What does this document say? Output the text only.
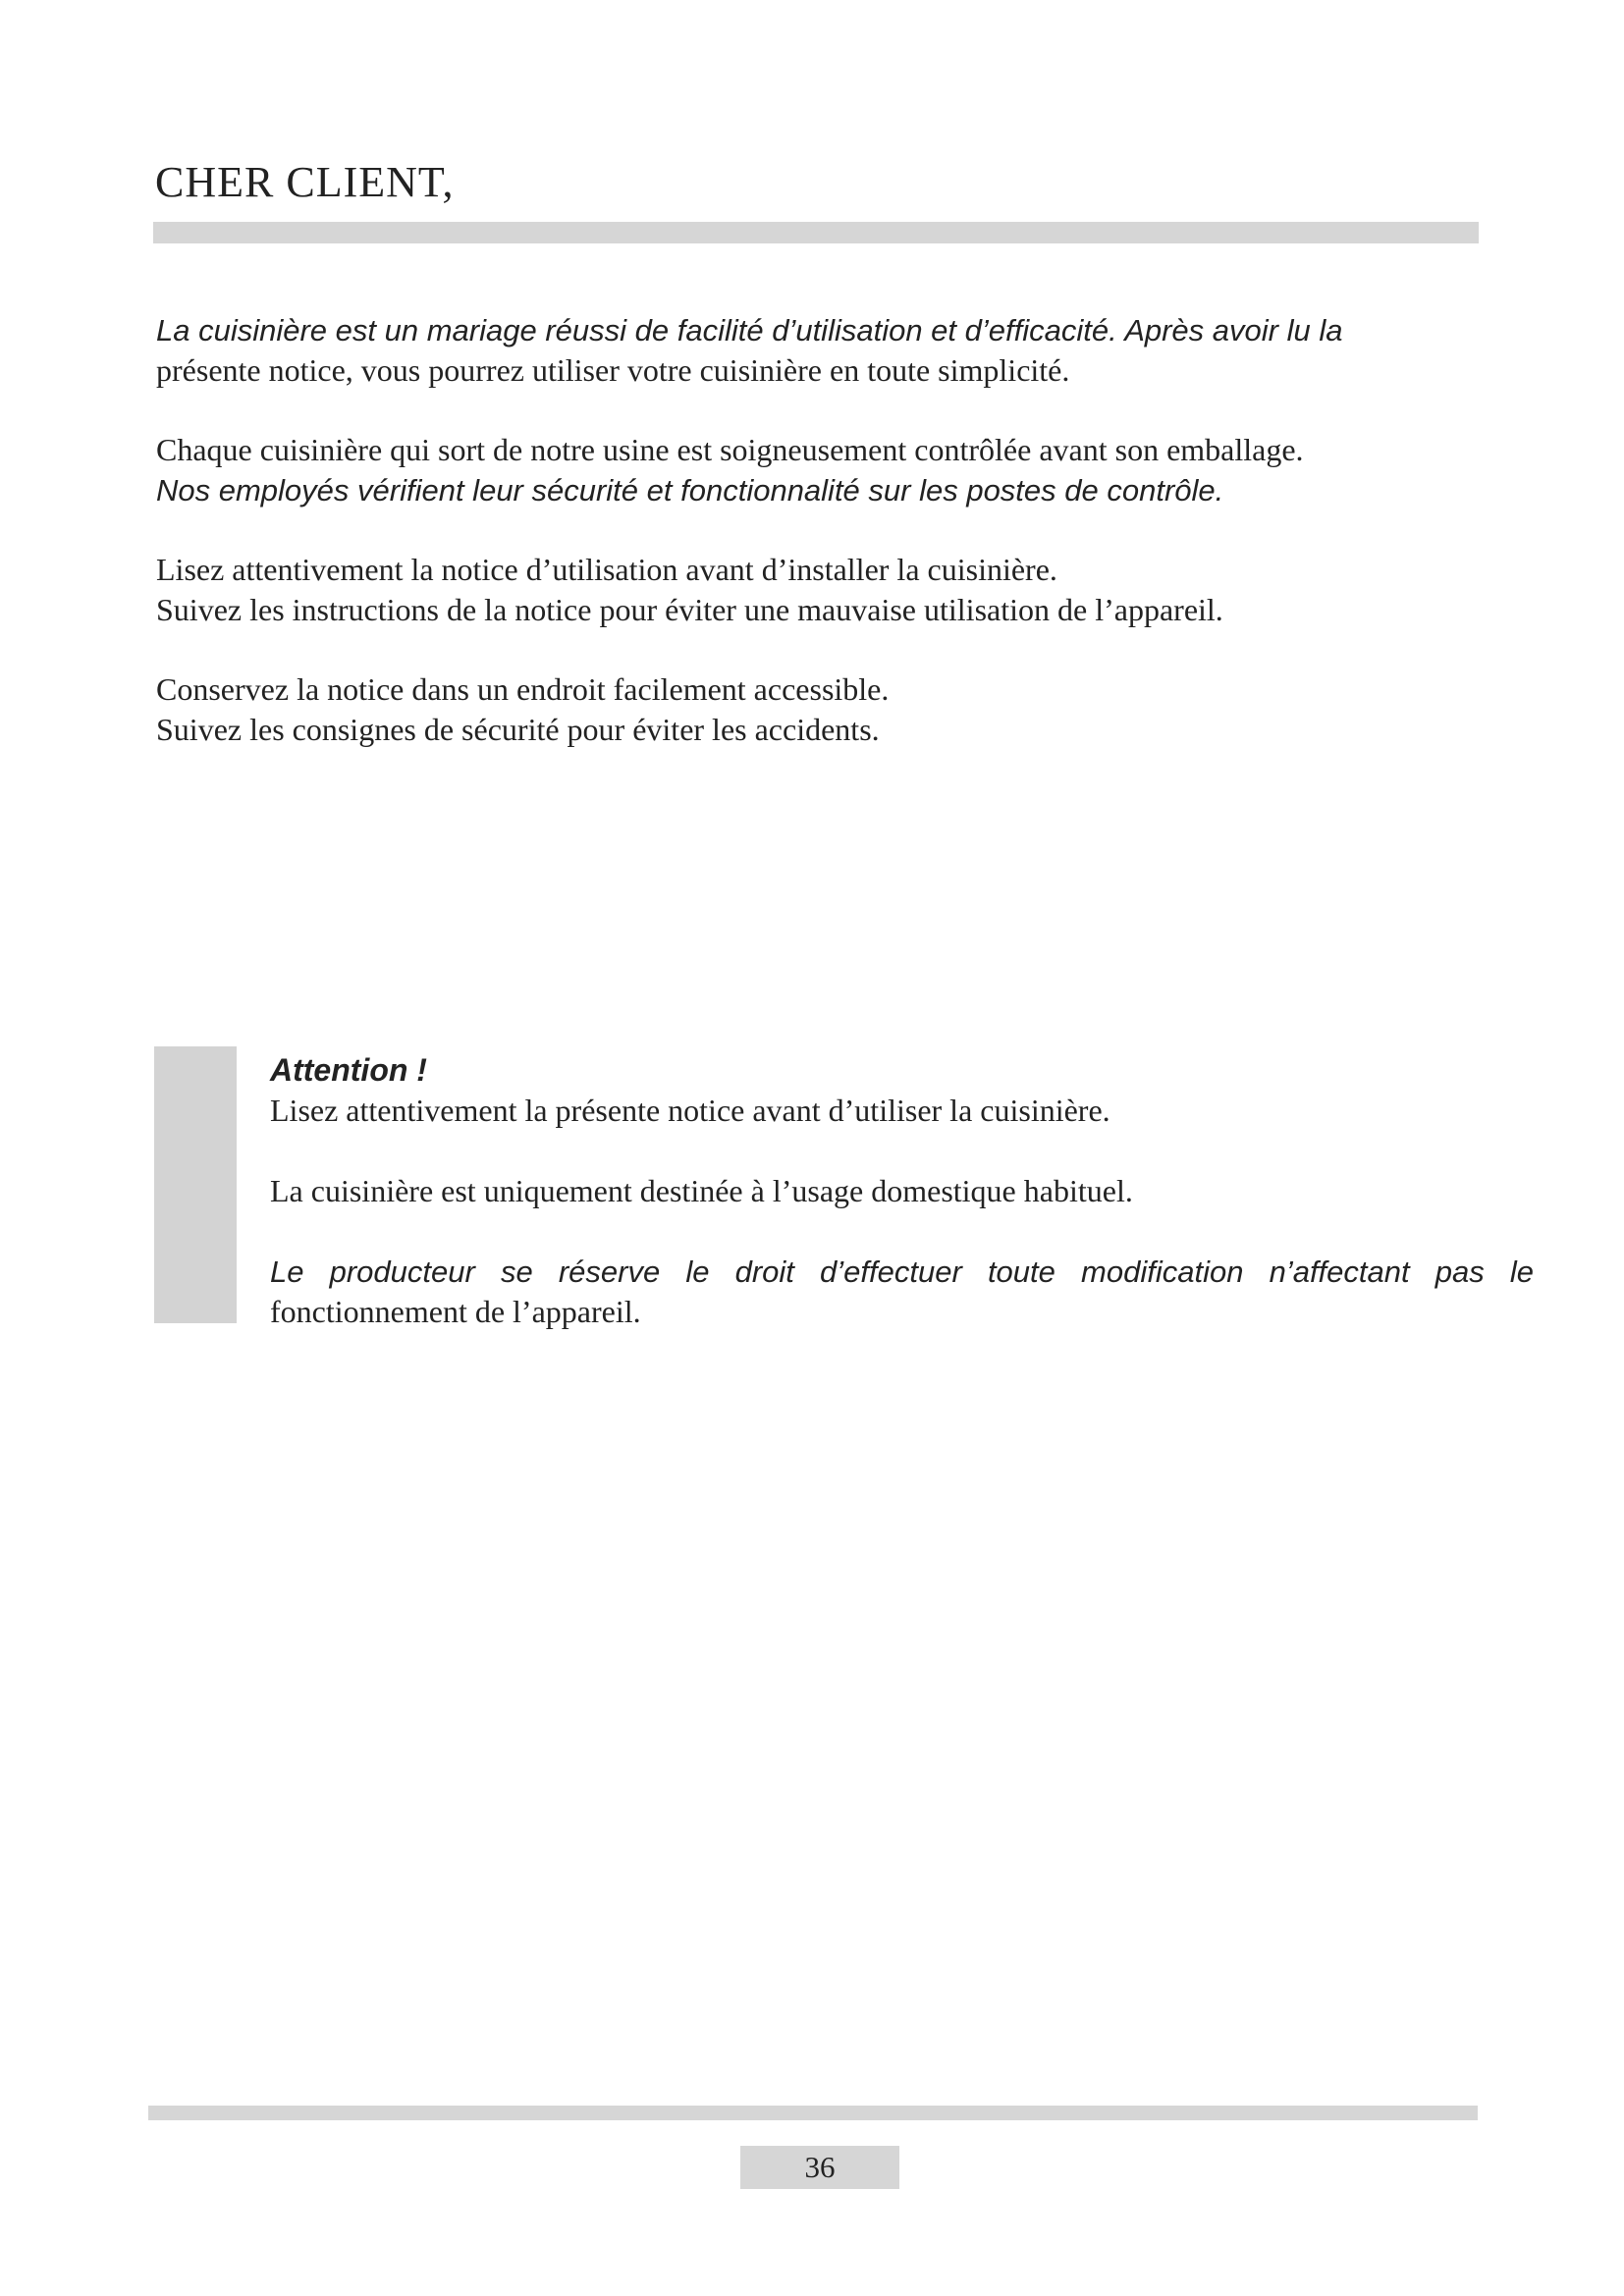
CHER CLIENT,

La cuisinière est un mariage réussi de facilité d’utilisation et d’efficacité. Après avoir lu la
présente notice, vous pourrez utiliser votre cuisinière en toute simplicité.

Chaque cuisinière qui sort de notre usine est soigneusement contrôlée avant son emballage.
Nos employés vérifient leur sécurité et fonctionnalité sur les postes de contrôle.

Lisez attentivement la notice d’utilisation avant d’installer la cuisinière.
Suivez les instructions de la notice pour éviter une mauvaise utilisation de l’appareil.

Conservez la notice dans un endroit facilement accessible.
Suivez les consignes de sécurité pour éviter les accidents.

Attention !
Lisez attentivement la présente notice avant d’utiliser la cuisinière.

La cuisinière est uniquement destinée à l’usage domestique habituel.

Le producteur se réserve le droit d’effectuer toute modification n’affectant pas le
fonctionnement de l’appareil.

36
